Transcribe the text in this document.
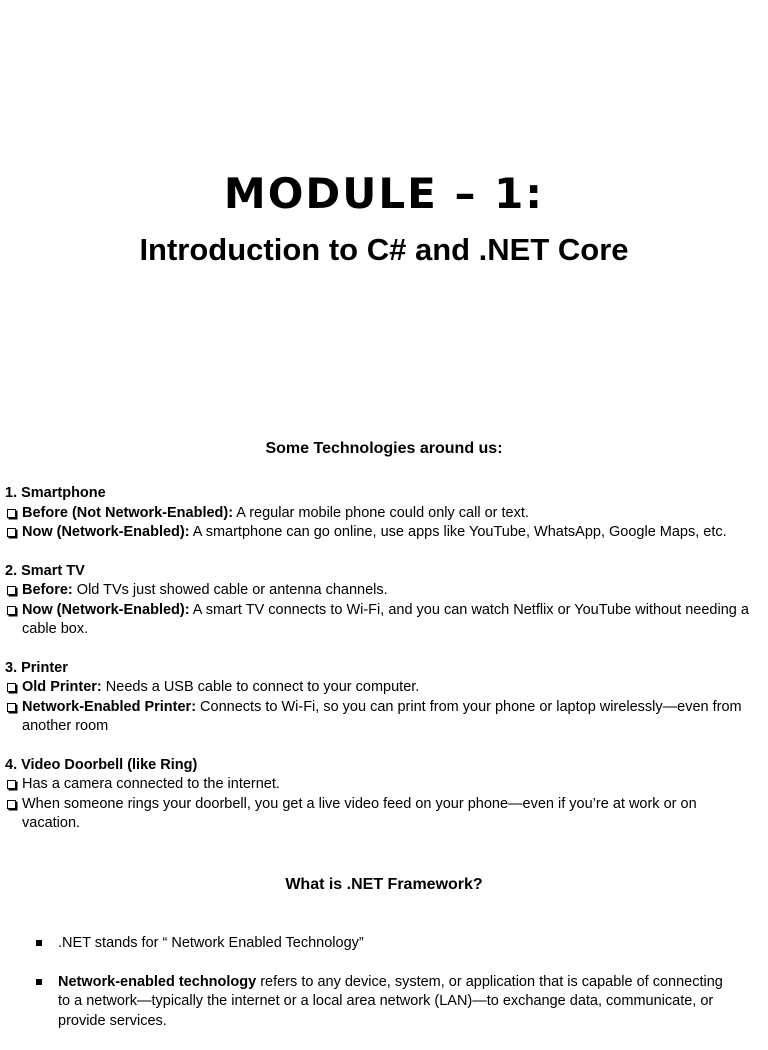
MODULE – 1:
Introduction to C# and .NET Core
Some Technologies around us:
1. Smartphone
Before (Not Network-Enabled): A regular mobile phone could only call or text.
Now (Network-Enabled): A smartphone can go online, use apps like YouTube, WhatsApp, Google Maps, etc.
2. Smart TV
Before: Old TVs just showed cable or antenna channels.
Now (Network-Enabled): A smart TV connects to Wi-Fi, and you can watch Netflix or YouTube without needing a cable box.
3. Printer
Old Printer: Needs a USB cable to connect to your computer.
Network-Enabled Printer: Connects to Wi-Fi, so you can print from your phone or laptop wirelessly—even from another room
4. Video Doorbell (like Ring)
Has a camera connected to the internet.
When someone rings your doorbell, you get a live video feed on your phone—even if you’re at work or on vacation.
What is .NET Framework?
.NET stands for “ Network Enabled Technology”
Network-enabled technology refers to any device, system, or application that is capable of connecting to a network—typically the internet or a local area network (LAN)—to exchange data, communicate, or provide services.
